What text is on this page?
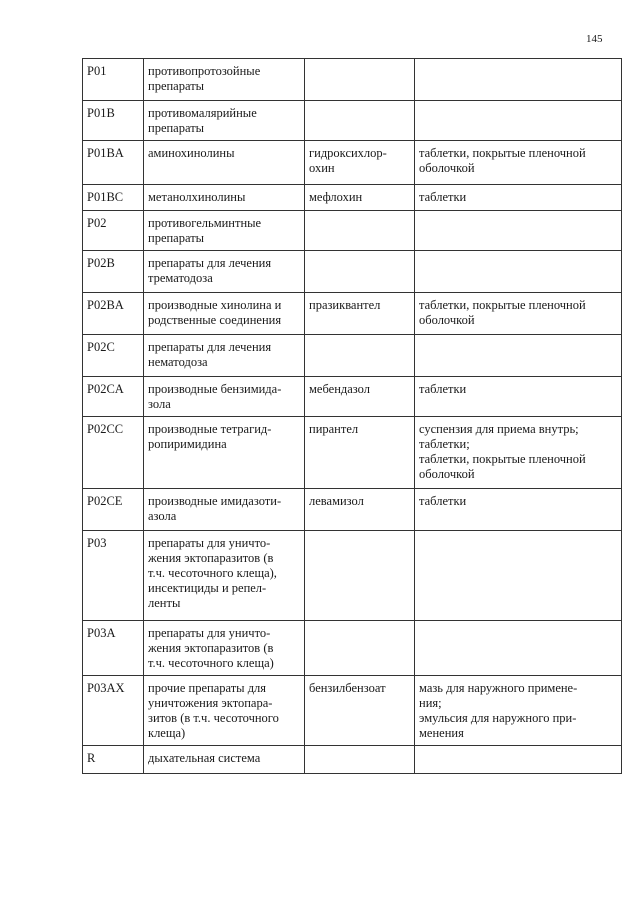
145
P01	противопротозойные
препараты		
P01B	противомалярийные
препараты		
P01BA	аминохинолины	гидроксихлор-
охин	таблетки, покрытые пленочной
оболочкой
P01BC	метанолхинолины	мефлохин	таблетки
P02	противогельминтные
препараты		
P02B	препараты для лечения
трематодоза		
P02BA	производные хинолина и
родственные соединения	празиквантел	таблетки, покрытые пленочной
оболочкой
P02C	препараты для лечения
нематодоза		
P02CA	производные бензимида-
зола	мебендазол	таблетки
P02CC	производные тетрагид-
ропиримидина	пирантел	суспензия для приема внутрь;
таблетки;
таблетки, покрытые пленочной
оболочкой
P02CE	производные имидазоти-
азола	левамизол	таблетки
P03	препараты для уничто-
жения эктопаразитов (в
т.ч. чесоточного клеща),
инсектициды и репел-
ленты		
P03A	препараты для уничто-
жения эктопаразитов (в
т.ч. чесоточного клеща)		
P03AX	прочие препараты для
уничтожения эктопара-
зитов (в т.ч. чесоточного
клеща)	бензилбензоат	мазь для наружного примене-
ния;
эмульсия для наружного при-
менения
R	дыхательная система		
